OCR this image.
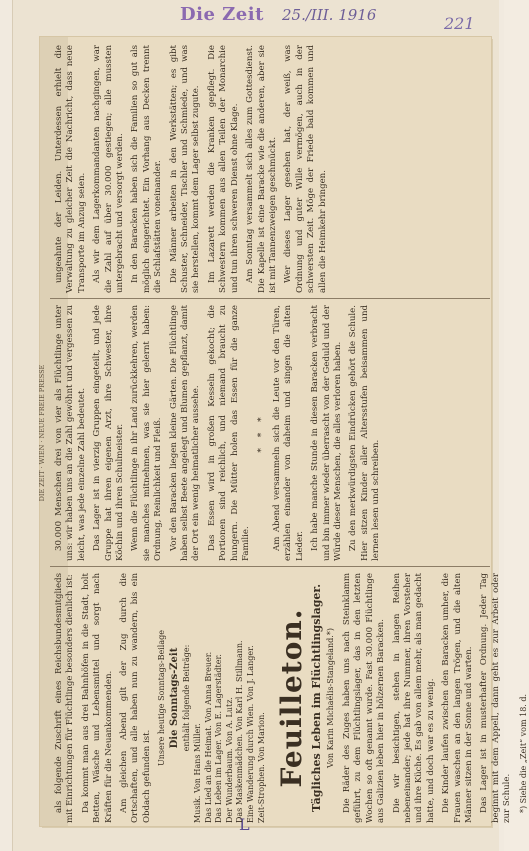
Die Zeit 25./III. 1916	221
L
DIE ZEIT · WIEN · NEUE FREIE PRESSE

als folgende Zuschrift eines Reichsbundesmitglieds mit Einrichtungen für Flüchtlinge besonders dienlich ist: Da kommt man aus drei Bahnhöfen in die Stadt, holt Betten, Wäsche und Lebensmittel und sorgt nach Kräften für die Neuankommenden. Am gleichen Abend gilt der Zug durch die Ortschaften, und alle haben nun zu wandern, bis ein Obdach gefunden ist.

Unsere heutige Sonntags-Beilage Die Sonntags-Zeit enthält folgende Beiträge:
Musik. Von Hans Müller. Das Lied an die Heimat. Von Anna Breuer. Das Leben im Lager. Von E. Lagerstädter. Der Wunderbaum. Von A. Lutz. Das Maskenmädchen. Von Karl H. Stillmann. Eine Wanderung durch Wien. Von J. Langer. Zeit-Strophen. Von Marion. Feuilleton. Tägliches Leben im Flüchtlingslager. Von Karin Michaëlis-Stangeland.*) Die Räder des Zuges haben uns nach Steinklamm geführt, zu dem Flüchtlingslager, das in den letzten Wochen so oft genannt wurde. Fast 30.000 Flüchtlinge aus Galizien leben hier in hölzernen Baracken. Die wir besichtigen, stehen in langen Reihen nebeneinander; jede hat ihre Nummer, ihren Vorsteher und ihre Küche. Es gab von allem mehr, als man gedacht hatte, und doch war es zu wenig. Die Kinder laufen zwischen den Baracken umher, die Frauen waschen an den langen Trögen, und die alten Männer sitzen in der Sonne und warten. Das Lager ist in musterhafter Ordnung. Jeder Tag beginnt mit dem Appell, dann geht es zur Arbeit oder zur Schule. *) Siehe die „Zeit“ vom 18. d.

30.000 Menschen drei von vier als Flüchtlinge unter uns: wir haben uns an die Zahl gewöhnt und vergessen zu leicht, was jede einzelne Zahl bedeutet. Das Lager ist in vierzig Gruppen eingeteilt, und jede Gruppe hat ihren eigenen Arzt, ihre Schwester, ihre Köchin und ihren Schulmeister. Wenn die Flüchtlinge in ihr Land zurückkehren, werden sie manches mitnehmen, was sie hier gelernt haben: Ordnung, Reinlichkeit und Fleiß. Vor den Baracken liegen kleine Gärten. Die Flüchtlinge haben selbst Beete angelegt und Blumen gepflanzt, damit der Ort ein wenig heimatlicher aussehe. Das Essen wird in großen Kesseln gekocht; die Portionen sind reichlich, und niemand braucht zu hungern. Die Mütter holen das Essen für die ganze Familie.

* * * Am Abend versammeln sich die Leute vor den Türen, erzählen einander von daheim und singen die alten Lieder. Ich habe manche Stunde in diesen Baracken verbracht und bin immer wieder überrascht von der Geduld und der Würde dieser Menschen, die alles verloren haben. Zu den merkwürdigsten Eindrücken gehört die Schule. Hier sitzen Kinder aller Altersstufen beisammen und lernen lesen und schreiben.

ungeahnte der Leiden. Unterdessen erhielt die Verwaltung zu gleicher Zeit die Nachricht, dass neue Transporte im Anzug seien. Als wir dem Lagerkommandanten nachgingen, war die Zahl auf über 30.000 gestiegen; alle mussten untergebracht und versorgt werden. In den Baracken haben sich die Familien so gut als möglich eingerichtet. Ein Vorhang aus Decken trennt die Schlafstätten voneinander. Die Männer arbeiten in den Werkstätten; es gibt Schuster, Schneider, Tischler und Schmiede, und was sie herstellen, kommt dem Lager selbst zugute. Im Lazarett werden die Kranken gepflegt. Die Schwestern kommen aus allen Teilen der Monarchie und tun ihren schweren Dienst ohne Klage. Am Sonntag versammelt sich alles zum Gottesdienst. Die Kapelle ist eine Baracke wie die anderen, aber sie ist mit Tannenzweigen geschmückt. Wer dieses Lager gesehen hat, der weiß, was Ordnung und guter Wille vermögen, auch in der schwersten Zeit. Möge der Friede bald kommen und allen die Heimkehr bringen.
